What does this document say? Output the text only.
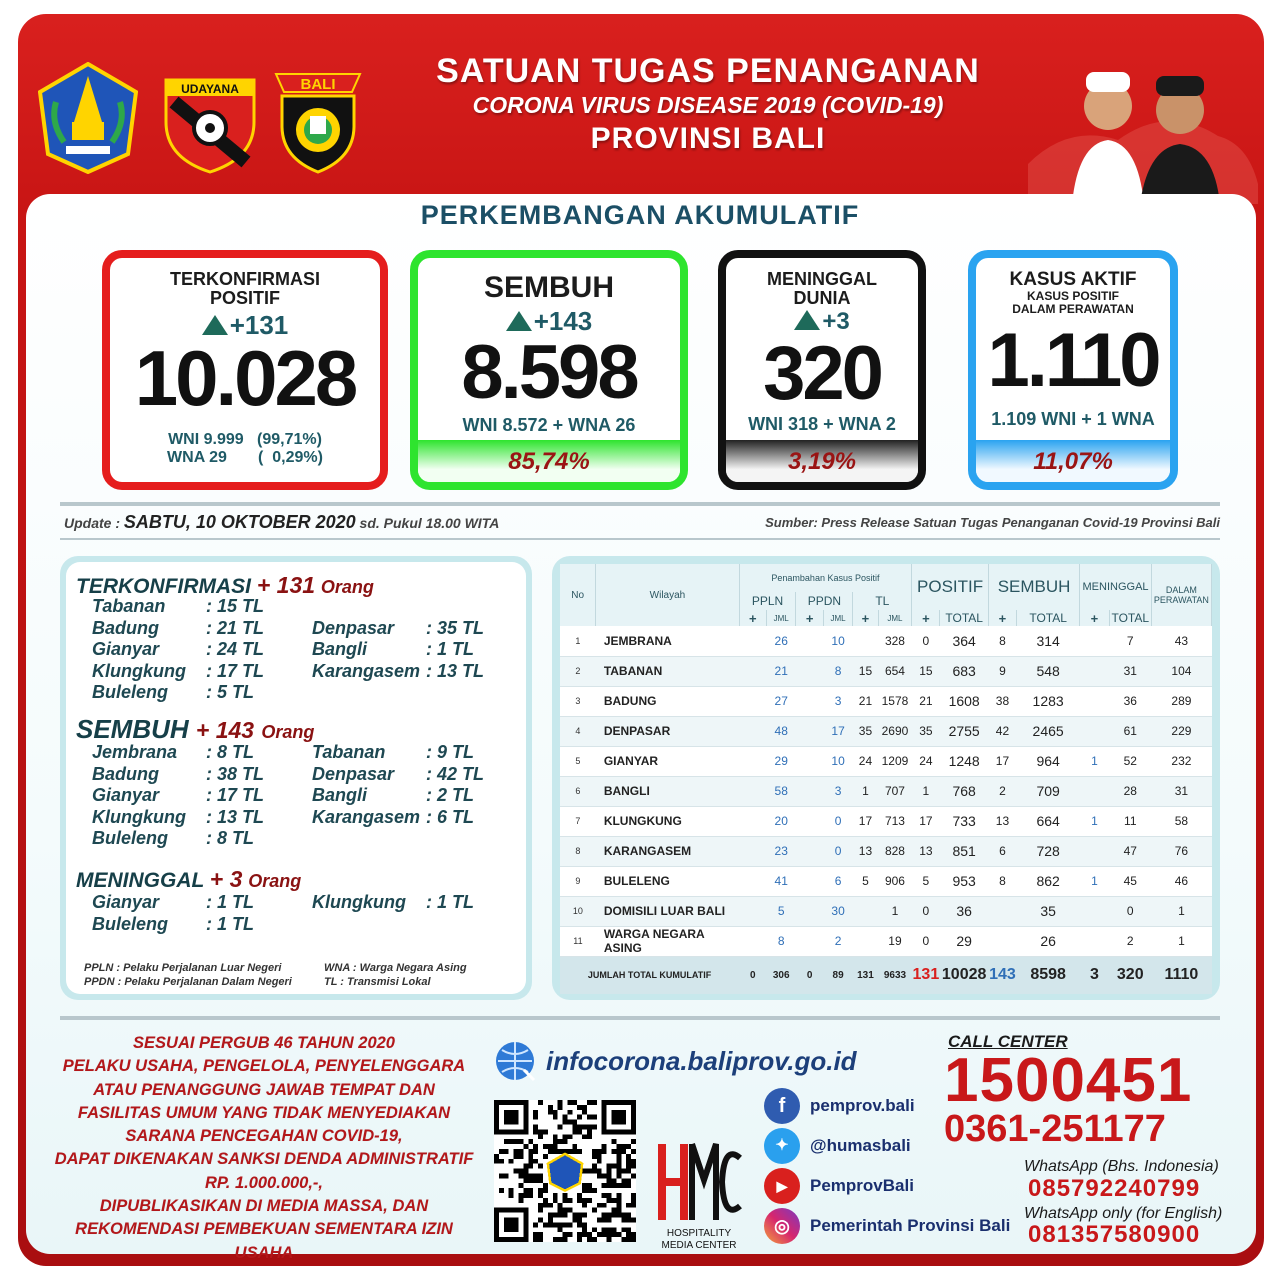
UDAYANA	BALI	SATUAN TUGAS PENANGANAN
CORONA VIRUS DISEASE 2019 (COVID-19)
PROVINSI BALI
PERKEMBANGAN AKUMULATIF
TERKONFIRMASI
POSITIF
+131
10.028
WNI 9.999   (99,71%)
WNA 29       (  0,29%)
SEMBUH
+143
8.598
WNI 8.572 + WNA 26
85,74%
MENINGGAL
DUNIA
+3
320
WNI 318 + WNA 2
3,19%
KASUS AKTIF
KASUS POSITIF
DALAM PERAWATAN
1.110
1.109 WNI + 1 WNA
11,07%
Update : SABTU, 10 OKTOBER 2020 sd. Pukul 18.00 WITA	Sumber: Press Release Satuan Tugas Penanganan Covid-19 Provinsi Bali
TERKONFIRMASI + 131 Orang
SEMBUH + 143 Orang
MENINGGAL + 3 Orang
PPLN : Pelaku Perjalanan Luar Negeri
PPDN : Pelaku Perjalanan Dalam Negeri
WNA : Warga Negara Asing
TL : Transmisi Lokal
Tabanan : 15 TL
Badung	: 21 TL	Denpasar : 35 TL
Gianyar	: 24 TL	Bangli	: 1 TL
Klungkung : 17 TL	Karangasem : 13 TL
Buleleng : 5 TL
Jembrana : 8 TL	Tabanan : 9 TL
Badung	: 38 TL	Denpasar : 42 TL
Gianyar	: 17 TL	Bangli	: 2 TL
Klungkung : 13 TL	Karangasem : 6 TL
Buleleng : 8 TL
Gianyar	: 1 TL	Klungkung : 1 TL
Buleleng : 1 TL
No	Wilayah	Penambahan Kasus Positif						POSITIF		SEMBUH		MENINGGAL		DALAM PERAWATAN
		PPLN		PPDN		TL								
		+	JML	+	JML	+	JML	+	TOTAL	+	TOTAL	+	TOTAL	
1	JEMBRANA		26		10		328	0	364	8	314		7	43
2	TABANAN		21		8	15	654	15	683	9	548		31	104
3	BADUNG		27		3	21	1578	21	1608	38	1283		36	289
4	DENPASAR		48		17	35	2690	35	2755	42	2465		61	229
5	GIANYAR		29		10	24	1209	24	1248	17	964	1	52	232
6	BANGLI		58		3	1	707	1	768	2	709		28	31
7	KLUNGKUNG		20		0	17	713	17	733	13	664	1	11	58
8	KARANGASEM		23		0	13	828	13	851	6	728		47	76
9	BULELENG		41		6	5	906	5	953	8	862	1	45	46
10	DOMISILI LUAR BALI		5		30		1	0	36		35		0	1
11	WARGA NEGARA ASING		8		2		19	0	29		26		2	1
JUMLAH TOTAL KUMULATIF		0	306	0	89	131	9633	131	10028	143	8598	3	320	1110
SESUAI PERGUB 46 TAHUN 2020
PELAKU USAHA, PENGELOLA, PENYELENGGARA
ATAU PENANGGUNG JAWAB TEMPAT DAN
FASILITAS UMUM YANG TIDAK MENYEDIAKAN
SARANA PENCEGAHAN COVID-19,
DAPAT DIKENAKAN SANKSI DENDA ADMINISTRATIF
RP. 1.000.000,-,
DIPUBLIKASIKAN DI MEDIA MASSA, DAN
REKOMENDASI PEMBEKUAN SEMENTARA IZIN USAHA
infocorona.baliprov.go.id
HOSPITALITY
MEDIA CENTER
f	pemprov.bali
✦	@humasbali
▶	PemprovBali
◎	Pemerintah Provinsi Bali
CALL CENTER
1500451
0361-251177
WhatsApp (Bhs. Indonesia)
085792240799
WhatsApp only (for English)
081357580900
